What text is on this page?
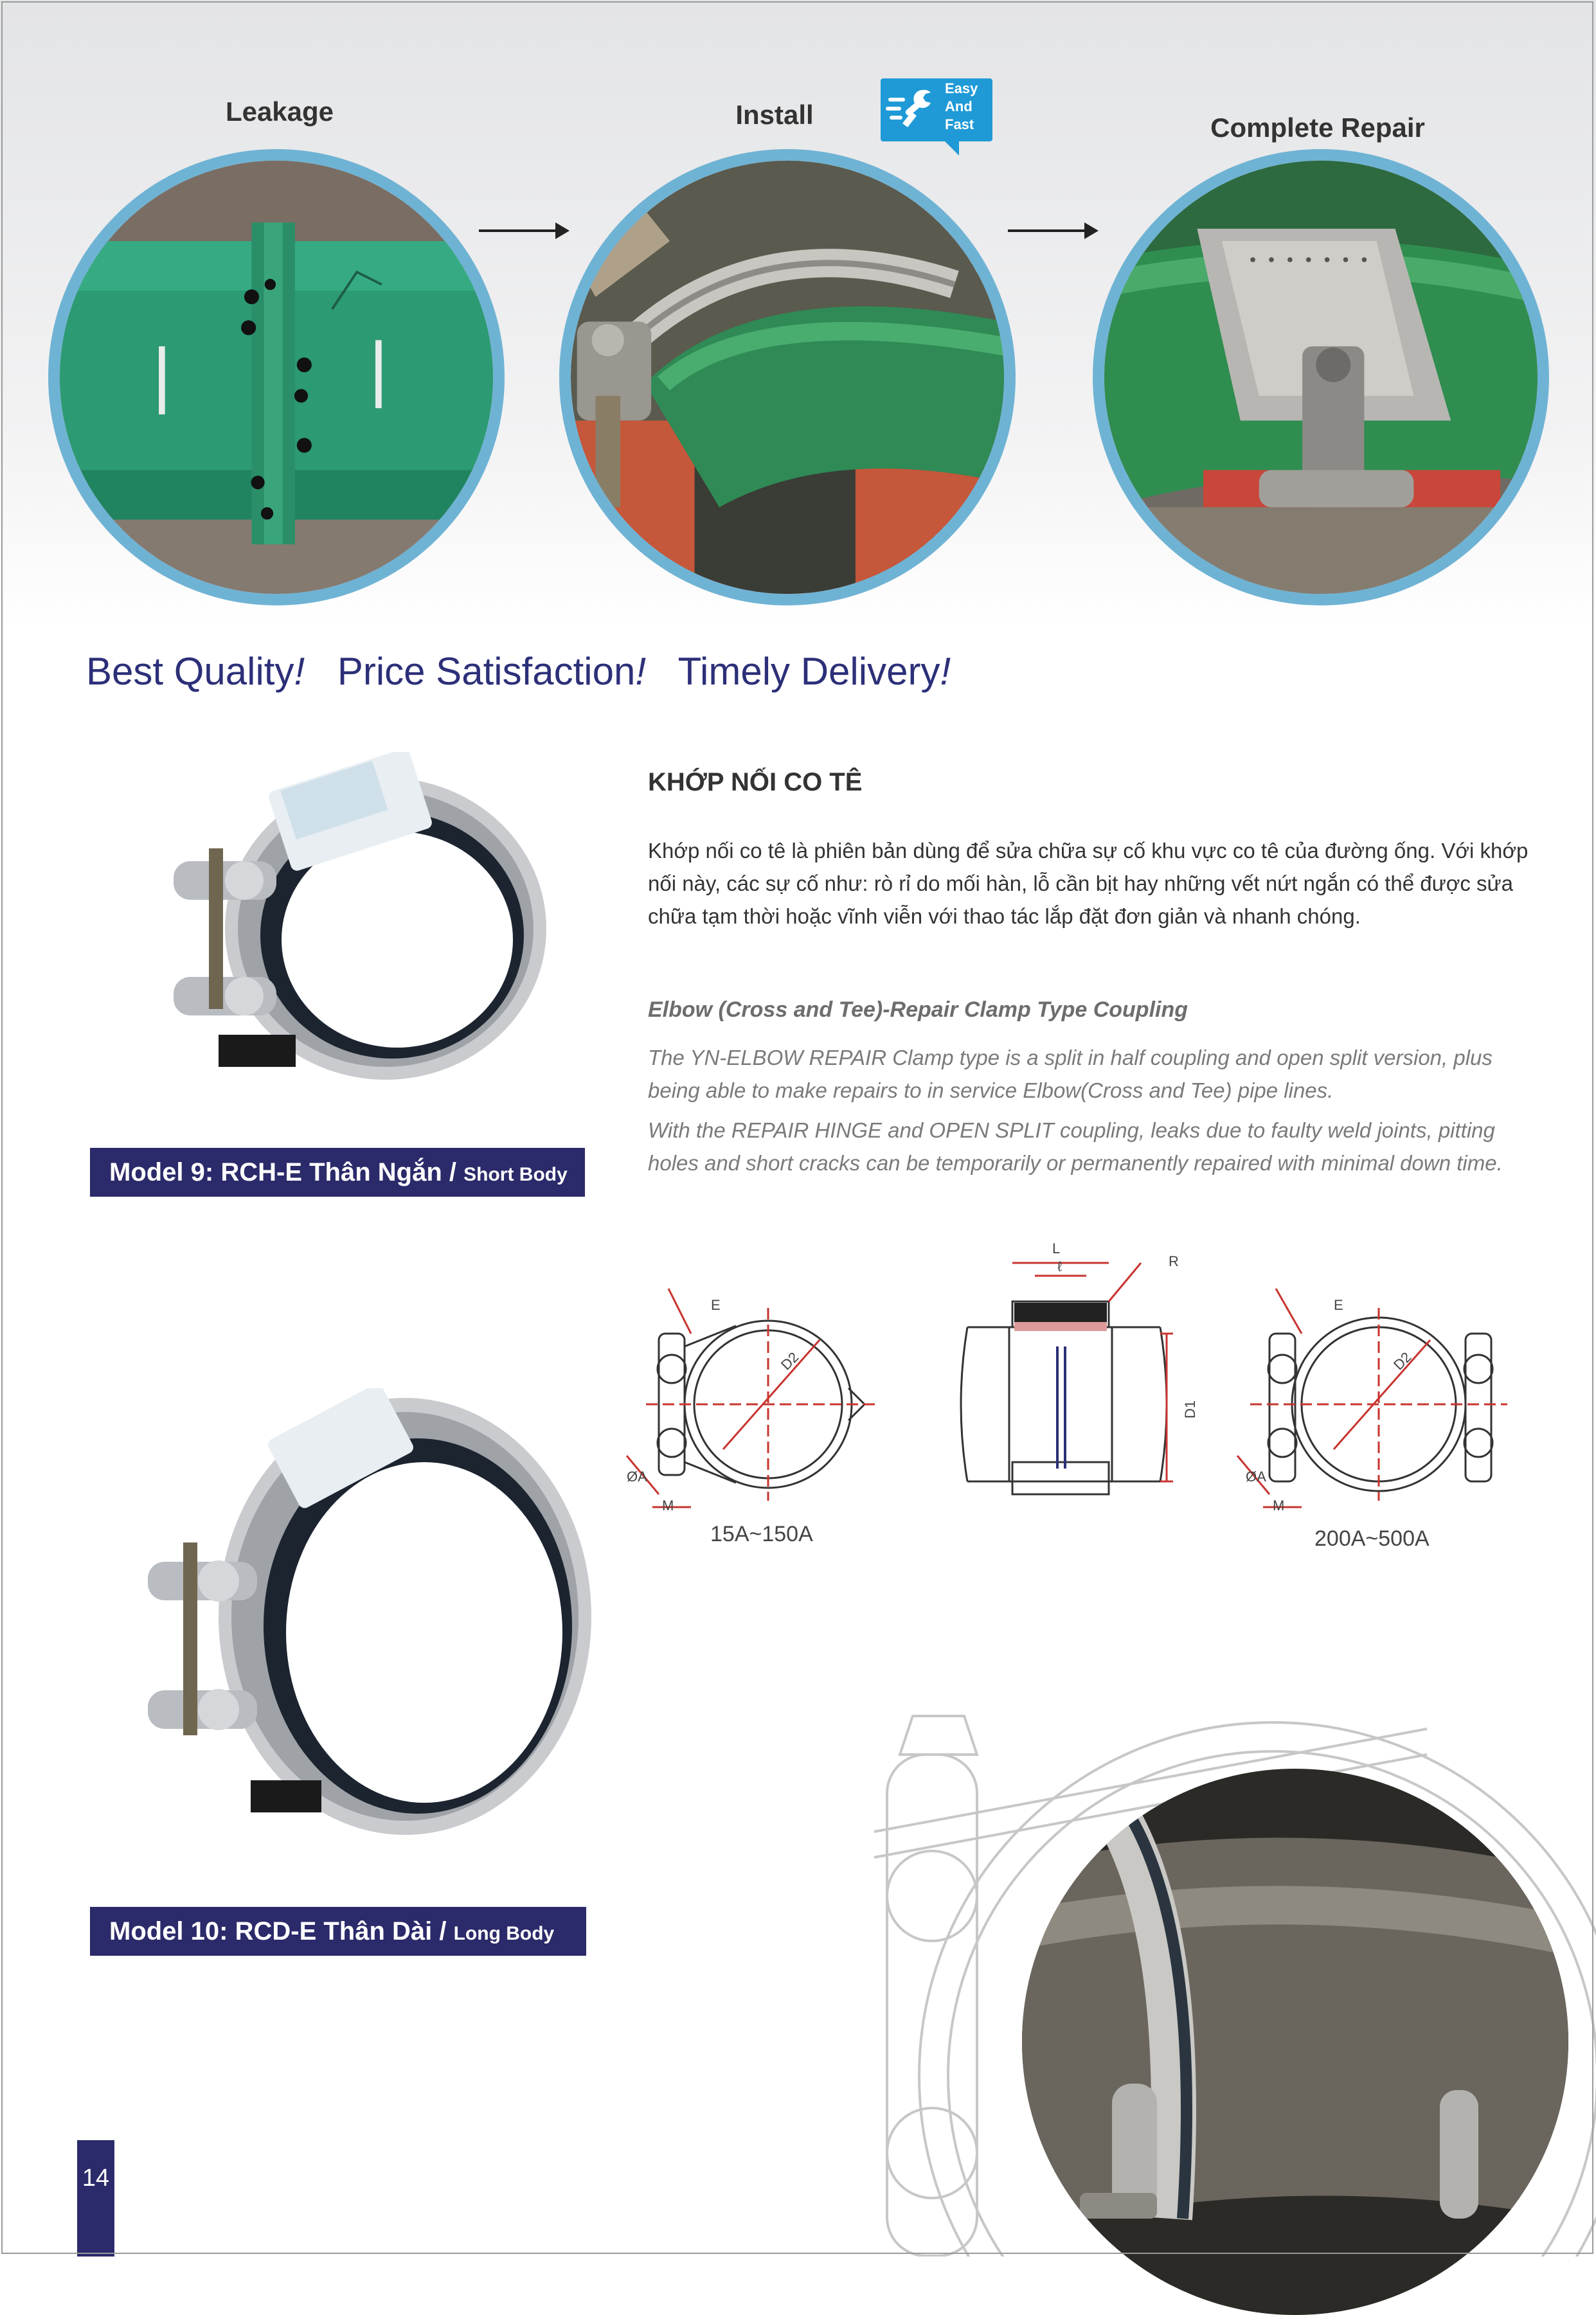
Leakage	Install	Complete Repair
Easy
And
Fast
Best Quality! Price Satisfaction! Timely Delivery!
Model 9: RCH-E Thân Ngắn / Short Body
KHỚP NỐI CO TÊ

Khớp nối co tê là phiên bản dùng để sửa chữa sự cố khu vực co tê của đường ống. Với khớp nối này, các sự cố như: rò rỉ do mối hàn, lỗ cần bịt hay những vết nứt ngắn có thể được sửa chữa tạm thời hoặc vĩnh viễn với thao tác lắp đặt đơn giản và nhanh chóng.

Elbow (Cross and Tee)-Repair Clamp Type Coupling

The YN-ELBOW REPAIR Clamp type is a split in half coupling and open split version, plus being able to make repairs to in service Elbow(Cross and Tee) pipe lines.

With the REPAIR HINGE and OPEN SPLIT coupling, leaks due to faulty weld joints, pitting holes and short cracks can be temporarily or permanently repaired with minimal down time.

E
D2
L
ℓ	R
D1
ØA
M
E
D2
ØA
M
15A~150A	200A~500A
Model 10: RCD-E Thân Dài / Long Body
14
